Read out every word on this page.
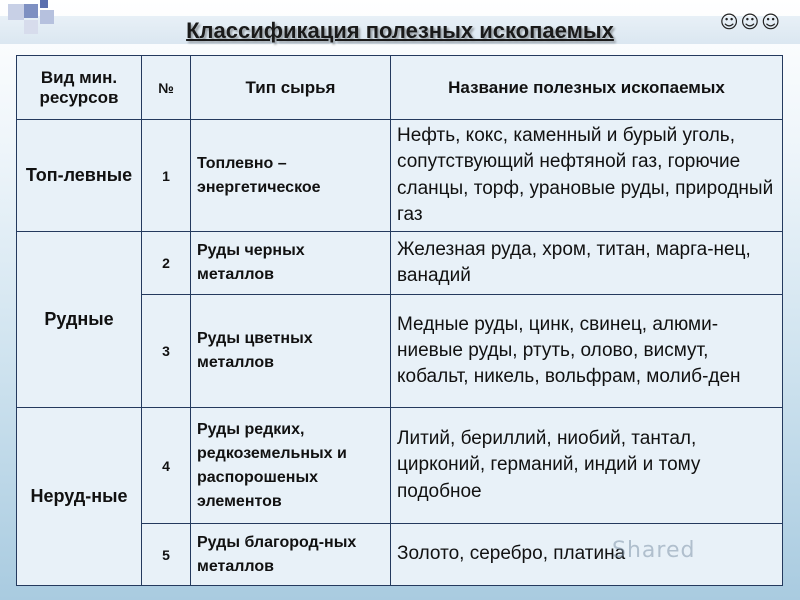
Классификация полезных ископаемых	☺☺☺
Вид мин. ресурсов	№	Тип сырья	Название полезных ископаемых
Топ-левные	1	Топлевно – энергетическое	Нефть, кокс, каменный и бурый уголь, сопутствующий нефтяной газ, горючие сланцы, торф, урановые руды, природный газ
Рудные	2	Руды черных металлов	Железная руда, хром, титан, марга-нец, ванадий
	3	Руды цветных металлов	Медные руды, цинк, свинец, алюми-ниевые руды, ртуть, олово, висмут, кобальт, никель, вольфрам, молиб-ден
Неруд-ные	4	Руды редких, редкоземельных и распорошеных элементов	Литий, бериллий, ниобий, тантал, цирконий, германий, индий и тому подобное
	5	Руды благород-ных металлов	Золото, серебро, платина
Shared
